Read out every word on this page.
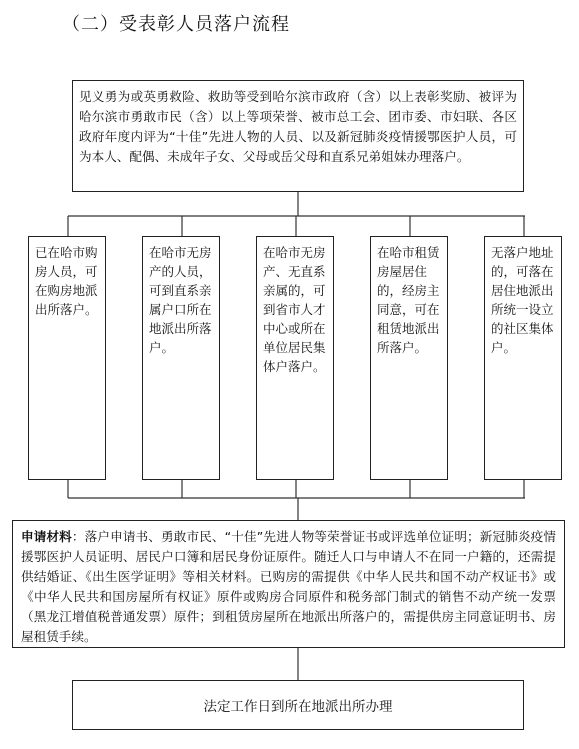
（二）受表彰人员落户流程
见义勇为或英勇救险、救助等受到哈尔滨市政府（含）以上表彰奖励、被评为哈尔滨市勇敢市民（含）以上等项荣誉、被市总工会、团市委、市妇联、各区政府年度内评为“十佳”先进人物的人员、以及新冠肺炎疫情援鄂医护人员，可为本人、配偶、未成年子女、父母或岳父母和直系兄弟姐妹办理落户。
已在哈市购房人员，可在购房地派出所落户。
在哈市无房产的人员，可到直系亲属户口所在地派出所落户。
在哈市无房产、无直系亲属的，可到省市人才中心或所在单位居民集体户落户。
在哈市租赁房屋居住的，经房主同意，可在租赁地派出所落户。
无落户地址的，可落在居住地派出所统一设立的社区集体户。
申请材料：落户申请书、勇敢市民、“十佳”先进人物等荣誉证书或评选单位证明；新冠肺炎疫情援鄂医护人员证明、居民户口簿和居民身份证原件。随迁人口与申请人不在同一户籍的，还需提供结婚证、《出生医学证明》等相关材料。已购房的需提供《中华人民共和国不动产权证书》或《中华人民共和国房屋所有权证》原件或购房合同原件和税务部门制式的销售不动产统一发票（黑龙江增值税普通发票）原件；到租赁房屋所在地派出所落户的，需提供房主同意证明书、房屋租赁手续。
法定工作日到所在地派出所办理
